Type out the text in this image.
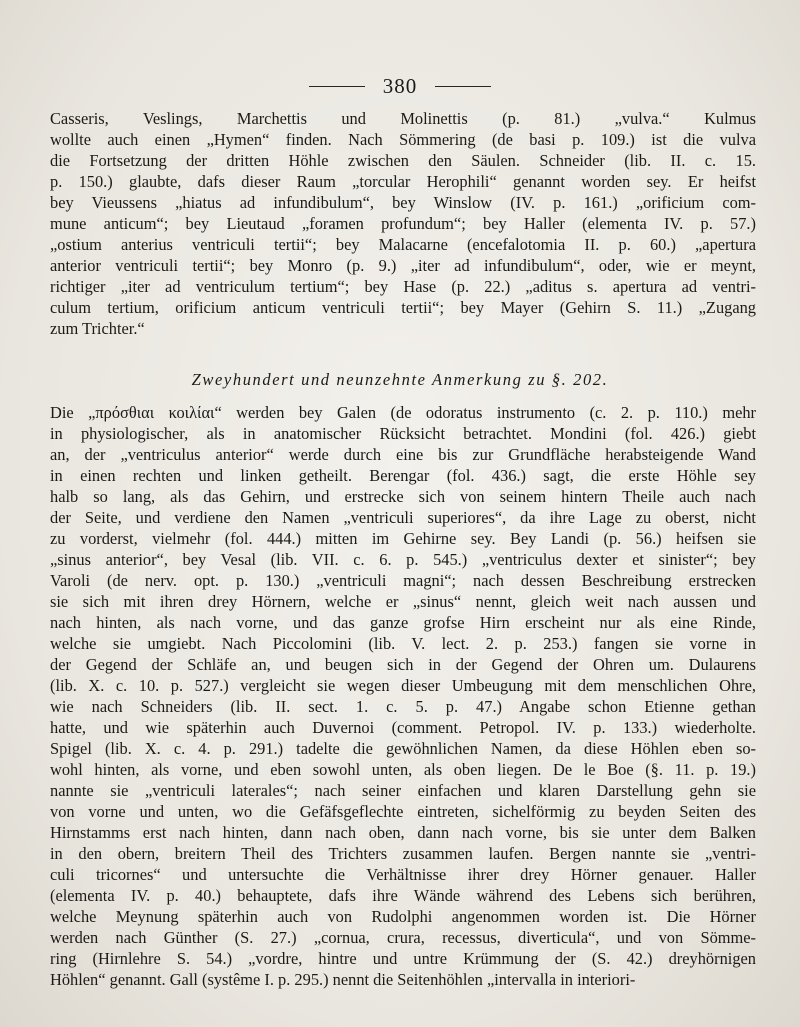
380
Casseris, Veslings, Marchettis und Molinettis (p. 81.) „vulva.“ Kulmus
wollte auch einen „Hymen“ finden. Nach Sömmering (de basi p. 109.) ist die vulva
die Fortsetzung der dritten Höhle zwischen den Säulen. Schneider (lib. II. c. 15.
p. 150.) glaubte, dafs dieser Raum „torcular Herophili“ genannt worden sey. Er heifst
bey Vieussens „hiatus ad infundibulum“, bey Winslow (IV. p. 161.) „orificium com-
mune anticum“; bey Lieutaud „foramen profundum“; bey Haller (elementa IV. p. 57.)
„ostium anterius ventriculi tertii“; bey Malacarne (encefalotomia II. p. 60.) „apertura
anterior ventriculi tertii“; bey Monro (p. 9.) „iter ad infundibulum“, oder, wie er meynt,
richtiger „iter ad ventriculum tertium“; bey Hase (p. 22.) „aditus s. apertura ad ventri-
culum tertium, orificium anticum ventriculi tertii“; bey Mayer (Gehirn S. 11.) „Zugang
zum Trichter.“
Zweyhundert und neunzehnte Anmerkung zu §. 202.
Die „πρόσθιαι κοιλίαι“ werden bey Galen (de odoratus instrumento (c. 2. p. 110.) mehr
in physiologischer, als in anatomischer Rücksicht betrachtet. Mondini (fol. 426.) giebt
an, der „ventriculus anterior“ werde durch eine bis zur Grundfläche herabsteigende Wand
in einen rechten und linken getheilt. Berengar (fol. 436.) sagt, die erste Höhle sey
halb so lang, als das Gehirn, und erstrecke sich von seinem hintern Theile auch nach
der Seite, und verdiene den Namen „ventriculi superiores“, da ihre Lage zu oberst, nicht
zu vorderst, vielmehr (fol. 444.) mitten im Gehirne sey. Bey Landi (p. 56.) heifsen sie
„sinus anterior“, bey Vesal (lib. VII. c. 6. p. 545.) „ventriculus dexter et sinister“; bey
Varoli (de nerv. opt. p. 130.) „ventriculi magni“; nach dessen Beschreibung erstrecken
sie sich mit ihren drey Hörnern, welche er „sinus“ nennt, gleich weit nach aussen und
nach hinten, als nach vorne, und das ganze grofse Hirn erscheint nur als eine Rinde,
welche sie umgiebt. Nach Piccolomini (lib. V. lect. 2. p. 253.) fangen sie vorne in
der Gegend der Schläfe an, und beugen sich in der Gegend der Ohren um. Dulaurens
(lib. X. c. 10. p. 527.) vergleicht sie wegen dieser Umbeugung mit dem menschlichen Ohre,
wie nach Schneiders (lib. II. sect. 1. c. 5. p. 47.) Angabe schon Etienne gethan
hatte, und wie späterhin auch Duvernoi (comment. Petropol. IV. p. 133.) wiederholte.
Spigel (lib. X. c. 4. p. 291.) tadelte die gewöhnlichen Namen, da diese Höhlen eben so-
wohl hinten, als vorne, und eben sowohl unten, als oben liegen. De le Boe (§. 11. p. 19.)
nannte sie „ventriculi laterales“; nach seiner einfachen und klaren Darstellung gehn sie
von vorne und unten, wo die Gefäfsgeflechte eintreten, sichelförmig zu beyden Seiten des
Hirnstamms erst nach hinten, dann nach oben, dann nach vorne, bis sie unter dem Balken
in den obern, breitern Theil des Trichters zusammen laufen. Bergen nannte sie „ventri-
culi tricornes“ und untersuchte die Verhältnisse ihrer drey Hörner genauer. Haller
(elementa IV. p. 40.) behauptete, dafs ihre Wände während des Lebens sich berühren,
welche Meynung späterhin auch von Rudolphi angenommen worden ist. Die Hörner
werden nach Günther (S. 27.) „cornua, crura, recessus, diverticula“, und von Sömme-
ring (Hirnlehre S. 54.) „vordre, hintre und untre Krümmung der (S. 42.) dreyhörnigen
Höhlen“ genannt. Gall (systême I. p. 295.) nennt die Seitenhöhlen „intervalla in interiori-
